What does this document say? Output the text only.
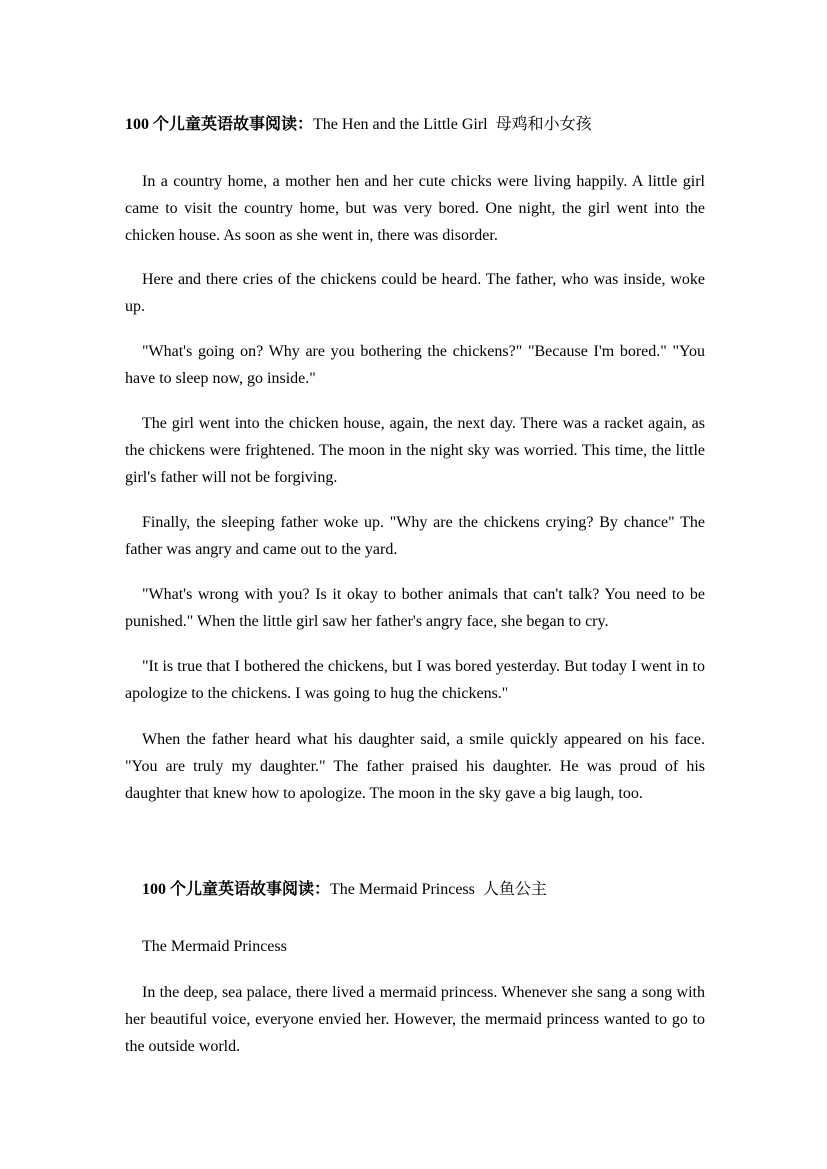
100 个儿童英语故事阅读：The Hen and the Little Girl 母鸡和小女孩
In a country home, a mother hen and her cute chicks were living happily. A little girl came to visit the country home, but was very bored. One night, the girl went into the chicken house. As soon as she went in, there was disorder.
Here and there cries of the chickens could be heard. The father, who was inside, woke up.
"What's going on? Why are you bothering the chickens?" "Because I'm bored." "You have to sleep now, go inside."
The girl went into the chicken house, again, the next day. There was a racket again, as the chickens were frightened. The moon in the night sky was worried. This time, the little girl's father will not be forgiving.
Finally, the sleeping father woke up. "Why are the chickens crying? By chance" The father was angry and came out to the yard.
"What's wrong with you? Is it okay to bother animals that can't talk? You need to be punished." When the little girl saw her father's angry face, she began to cry.
"It is true that I bothered the chickens, but I was bored yesterday. But today I went in to apologize to the chickens. I was going to hug the chickens."
When the father heard what his daughter said, a smile quickly appeared on his face. "You are truly my daughter." The father praised his daughter. He was proud of his daughter that knew how to apologize. The moon in the sky gave a big laugh, too.
100 个儿童英语故事阅读：The Mermaid Princess 人鱼公主
The Mermaid Princess
In the deep, sea palace, there lived a mermaid princess. Whenever she sang a song with her beautiful voice, everyone envied her. However, the mermaid princess wanted to go to the outside world.
